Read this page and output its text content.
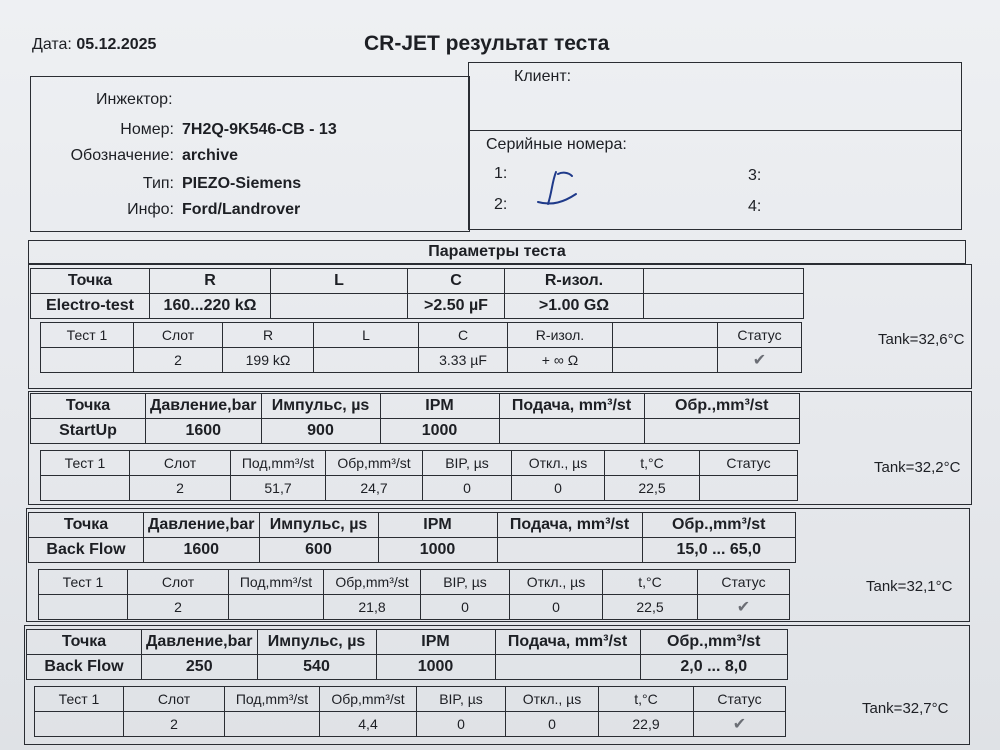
Дата: 05.12.2025	CR-JET результат теста
Инжектор:
Номер: 7H2Q-9K546-CB - 13
Обозначение: archive
Тип: PIEZO-Siemens
Инфо: Ford/Landrover
Клиент:
Серийные номера:
1:
2:
3:
4:
Параметры теста
Точка	R	L	C	R-изол.	
Electro-test	160...220 kΩ		>2.50 µF	>1.00 GΩ	
Тест 1	Слот	R	L	C	R-изол.		Статус
	2	199 kΩ		3.33 µF	+ ∞ Ω		✔
Tank=32,6°C
Точка	Давление,bar	Импульс, µs	IPM	Подача, mm³/st	Обр.,mm³/st
StartUp	1600	900	1000		
Тест 1	Слот	Под,mm³/st	Обр,mm³/st	BIP, µs	Откл., µs	t,°C	Статус
	2	51,7	24,7	0	0	22,5	
Tank=32,2°C
Точка	Давление,bar	Импульс, µs	IPM	Подача, mm³/st	Обр.,mm³/st
Back Flow	1600	600	1000		15,0 ... 65,0
Тест 1	Слот	Под,mm³/st	Обр,mm³/st	BIP, µs	Откл., µs	t,°C	Статус
	2		21,8	0	0	22,5	✔
Tank=32,1°C
Точка	Давление,bar	Импульс, µs	IPM	Подача, mm³/st	Обр.,mm³/st
Back Flow	250	540	1000		2,0 ... 8,0
Тест 1	Слот	Под,mm³/st	Обр,mm³/st	BIP, µs	Откл., µs	t,°C	Статус
	2		4,4	0	0	22,9	✔
Tank=32,7°C
